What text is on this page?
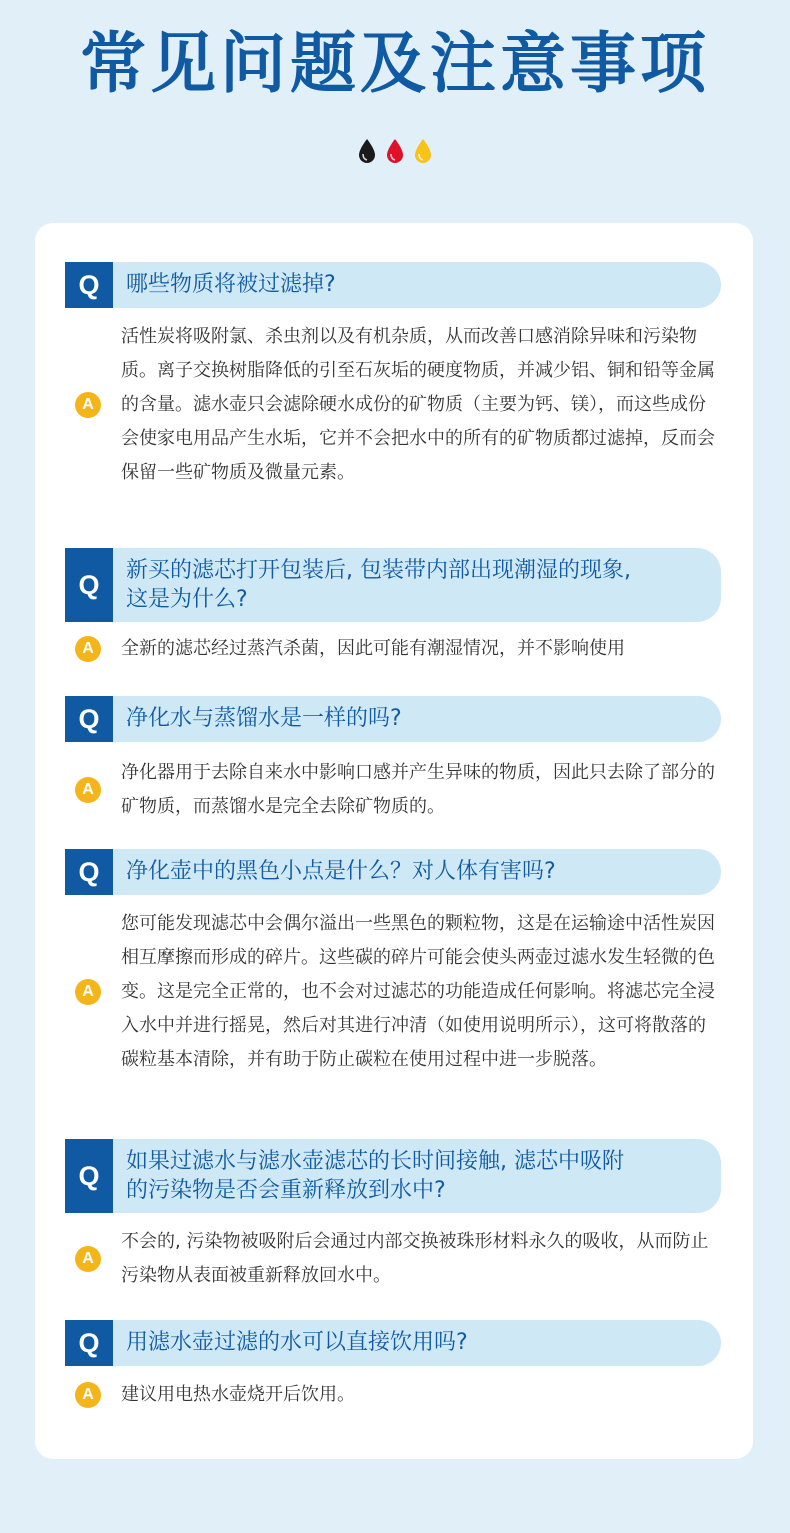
常见问题及注意事项
Q	哪些物质将被过滤掉?
A
活性炭将吸附氯、杀虫剂以及有机杂质，从而改善口感消除异味和污染物质。离子交换树脂降低的引至石灰垢的硬度物质，并减少铝、铜和铅等金属的含量。滤水壶只会滤除硬水成份的矿物质（主要为钙、镁），而这些成份会使家电用品产生水垢，它并不会把水中的所有的矿物质都过滤掉，反而会保留一些矿物质及微量元素。
Q	新买的滤芯打开包装后, 包装带内部出现潮湿的现象,
这是为什么?
A	全新的滤芯经过蒸汽杀菌，因此可能有潮湿情况，并不影响使用
Q	净化水与蒸馏水是一样的吗?
A
净化器用于去除自来水中影响口感并产生异味的物质，因此只去除了部分的矿物质，而蒸馏水是完全去除矿物质的。
Q	净化壶中的黑色小点是什么？对人体有害吗?
A
您可能发现滤芯中会偶尔溢出一些黑色的颗粒物，这是在运输途中活性炭因相互摩擦而形成的碎片。这些碳的碎片可能会使头两壶过滤水发生轻微的色变。这是完全正常的，也不会对过滤芯的功能造成任何影响。将滤芯完全浸入水中并进行摇晃，然后对其进行冲清（如使用说明所示），这可将散落的碳粒基本清除，并有助于防止碳粒在使用过程中进一步脱落。
Q	如果过滤水与滤水壶滤芯的长时间接触, 滤芯中吸附
的污染物是否会重新释放到水中?
A
不会的, 污染物被吸附后会通过内部交换被珠形材料永久的吸收，从而防止污染物从表面被重新释放回水中。
Q	用滤水壶过滤的水可以直接饮用吗?
A	建议用电热水壶烧开后饮用。
